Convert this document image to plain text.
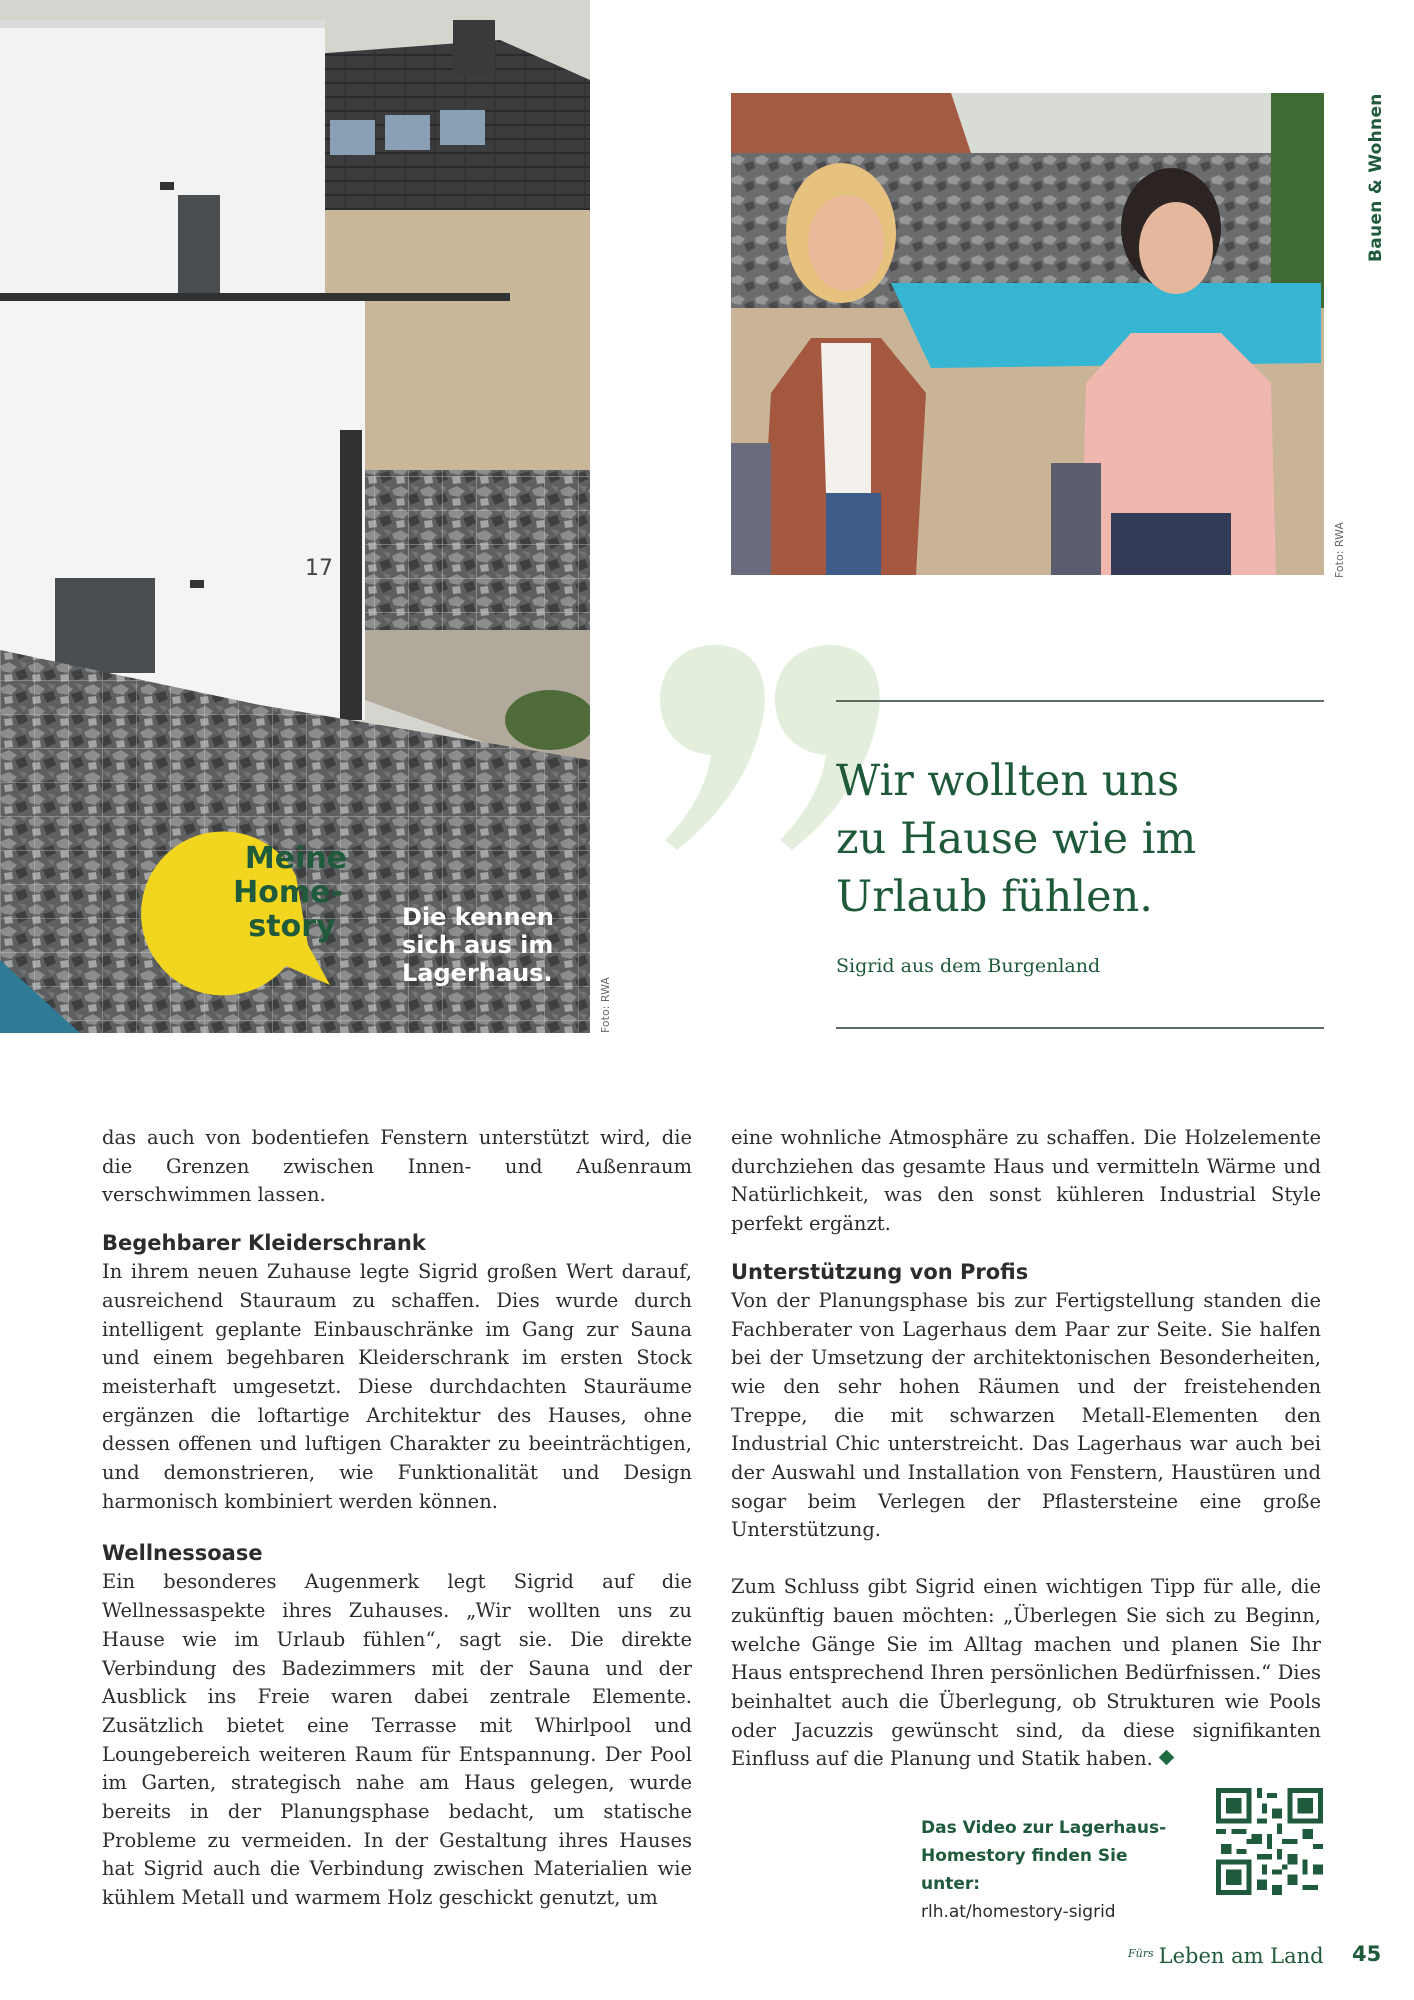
17
Meine
Home-
story	Die kennen
sich aus im
Lagerhaus.
Foto: RWA
Foto: RWA
Bauen & Wohnen
Wir wollten uns
zu Hause wie im
Urlaub fühlen.
Sigrid aus dem Burgenland

das auch von bodentiefen Fenstern unterstützt wird, die die Grenzen zwischen Innen- und Außenraum verschwimmen lassen.

Begehbarer Kleiderschrank

In ihrem neuen Zuhause legte Sigrid großen Wert darauf, ausreichend Stauraum zu schaffen. Dies wurde durch intelligent geplante Einbauschränke im Gang zur Sauna und einem begehbaren Kleiderschrank im ersten Stock meisterhaft umgesetzt. Diese durchdachten Stauräume ergänzen die loftartige Architektur des Hauses, ohne dessen offenen und luftigen Charakter zu beeinträchtigen, und demonstrieren, wie Funktionalität und Design harmonisch kombiniert werden können.

Wellnessoase

Ein besonderes Augenmerk legt Sigrid auf die Wellnessaspekte ihres Zuhauses. „Wir wollten uns zu Hause wie im Urlaub fühlen“, sagt sie. Die direkte Verbindung des Badezimmers mit der Sauna und der Ausblick ins Freie waren dabei zentrale Elemente. Zusätzlich bietet eine Terrasse mit Whirlpool und Loungebereich weiteren Raum für Entspannung. Der Pool im Garten, strategisch nahe am Haus gelegen, wurde bereits in der Planungsphase bedacht, um statische Probleme zu vermeiden. In der Gestaltung ihres Hauses hat Sigrid auch die Verbindung zwischen Materialien wie kühlem Metall und warmem Holz geschickt genutzt, um

eine wohnliche Atmosphäre zu schaffen. Die Holzelemente durchziehen das gesamte Haus und vermitteln Wärme und Natürlichkeit, was den sonst kühleren Industrial Style perfekt ergänzt.

Unterstützung von Profis

Von der Planungsphase bis zur Fertigstellung standen die Fachberater von Lagerhaus dem Paar zur Seite. Sie halfen bei der Umsetzung der architektonischen Besonderheiten, wie den sehr hohen Räumen und der freistehenden Treppe, die mit schwarzen Metall-Elementen den Industrial Chic unterstreicht. Das Lagerhaus war auch bei der Auswahl und Installation von Fenstern, Haustüren und sogar beim Verlegen der Pflastersteine eine große Unterstützung.

Zum Schluss gibt Sigrid einen wichtigen Tipp für alle, die zukünftig bauen möchten: „Überlegen Sie sich zu Beginn, welche Gänge Sie im Alltag machen und planen Sie Ihr Haus entsprechend Ihren persönlichen Bedürfnissen.“ Dies beinhaltet auch die Überlegung, ob Strukturen wie Pools oder Jacuzzis gewünscht sind, da diese signifikanten Einfluss auf die Planung und Statik haben.

Das Video zur Lagerhaus-
Homestory finden Sie unter:
rlh.at/homestory-sigrid
$^{Fürs}$ Leben am Land 45
